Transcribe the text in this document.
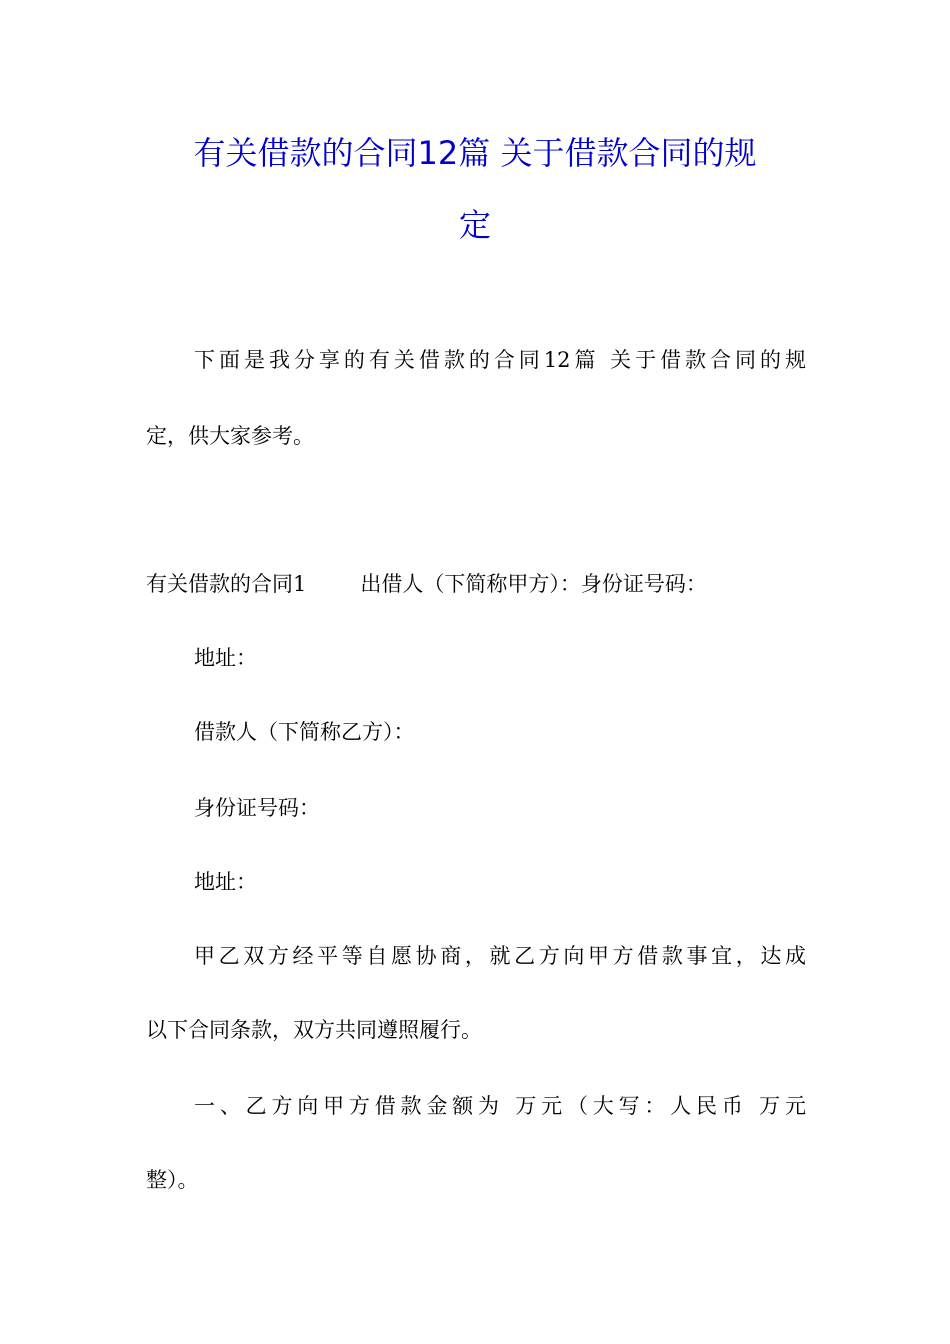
有关借款的合同12篇 关于借款合同的规
定

下面是我分享的有关借款的合同12篇 关于借款合同的规

定，供大家参考。

有关借款的合同1	出借人（下简称甲方）：身份证号码：

地址：

借款人（下简称乙方）：

身份证号码：

地址：

甲乙双方经平等自愿协商，就乙方向甲方借款事宜，达成

以下合同条款，双方共同遵照履行。

一、乙方向甲方借款金额为 万元（大写：人民币 万元

整）。
